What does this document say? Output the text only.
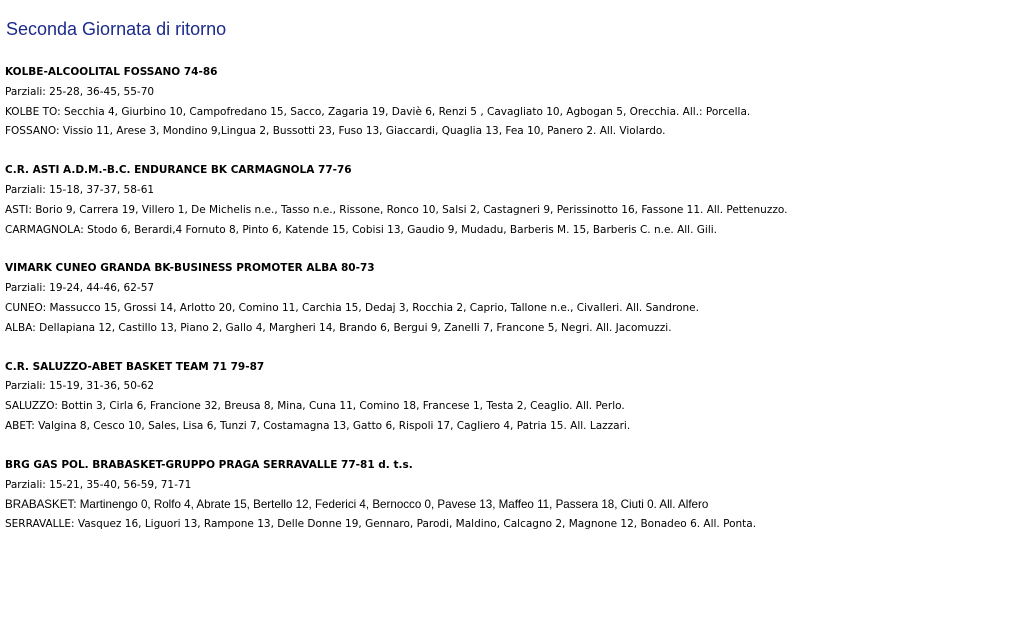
Seconda Giornata di ritorno
KOLBE-ALCOOLITAL FOSSANO 74-86
Parziali: 25-28, 36-45, 55-70
KOLBE TO: Secchia 4, Giurbino 10, Campofredano 15, Sacco, Zagaria 19, Daviè 6, Renzi 5 , Cavagliato 10, Agbogan 5, Orecchia. All.: Porcella.
FOSSANO: Vissio 11, Arese 3, Mondino 9,Lingua 2, Bussotti 23, Fuso 13, Giaccardi, Quaglia 13, Fea 10, Panero 2. All. Violardo.
C.R. ASTI A.D.M.-B.C. ENDURANCE BK CARMAGNOLA 77-76
Parziali: 15-18, 37-37, 58-61
ASTI: Borio 9, Carrera 19, Villero 1, De Michelis n.e., Tasso n.e., Rissone, Ronco 10, Salsi 2, Castagneri 9, Perissinotto 16, Fassone 11. All. Pettenuzzo.
CARMAGNOLA: Stodo 6, Berardi,4 Fornuto 8, Pinto 6, Katende 15, Cobisi 13, Gaudio 9, Mudadu, Barberis M. 15, Barberis C. n.e. All. Gili.
VIMARK CUNEO GRANDA BK-BUSINESS PROMOTER ALBA 80-73
Parziali: 19-24, 44-46, 62-57
CUNEO: Massucco 15, Grossi 14, Arlotto 20, Comino 11, Carchia 15, Dedaj 3, Rocchia 2, Caprio, Tallone n.e., Civalleri. All. Sandrone.
ALBA: Dellapiana 12, Castillo 13, Piano 2, Gallo 4, Margheri 14, Brando 6, Bergui 9, Zanelli 7, Francone 5, Negri. All. Jacomuzzi.
C.R. SALUZZO-ABET BASKET TEAM 71 79-87
Parziali: 15-19, 31-36, 50-62
SALUZZO: Bottin 3, Cirla 6, Francione 32, Breusa 8, Mina, Cuna 11, Comino 18, Francese 1, Testa 2, Ceaglio. All. Perlo.
ABET: Valgina 8, Cesco 10, Sales, Lisa 6, Tunzi 7, Costamagna 13, Gatto 6, Rispoli 17, Cagliero 4, Patria 15. All. Lazzari.
BRG GAS POL. BRABASKET-GRUPPO PRAGA SERRAVALLE 77-81 d. t.s.
Parziali: 15-21, 35-40, 56-59, 71-71
BRABASKET: Martinengo 0, Rolfo 4, Abrate 15, Bertello 12, Federici 4, Bernocco 0, Pavese 13, Maffeo 11, Passera 18, Ciuti 0. All. Alfero
SERRAVALLE: Vasquez 16, Liguori 13, Rampone 13, Delle Donne 19, Gennaro, Parodi, Maldino, Calcagno 2, Magnone 12, Bonadeo 6. All. Ponta.
